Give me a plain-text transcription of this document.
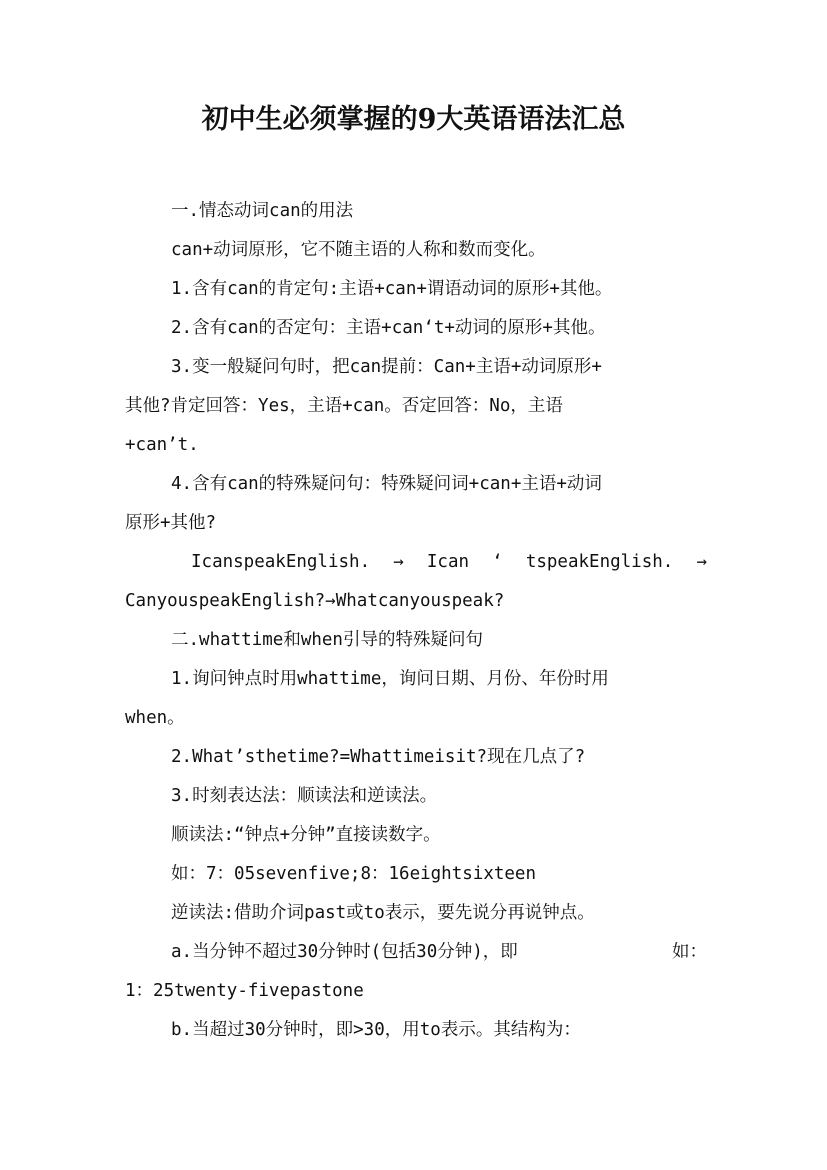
初中生必须掌握的9大英语语法汇总
一.情态动词can的用法
can+动词原形，它不随主语的人称和数而变化。
1.含有can的肯定句:主语+can+谓语动词的原形+其他。
2.含有can的否定句：主语+can‘t+动词的原形+其他。
3.变一般疑问句时，把can提前：Can+主语+动词原形+
其他?肯定回答：Yes，主语+can。否定回答：No，主语
+can’t.
4.含有can的特殊疑问句：特殊疑问词+can+主语+动词
原形+其他?
IcanspeakEnglish. → Ican ‘ tspeakEnglish. →
CanyouspeakEnglish?→Whatcanyouspeak?
二.whattime和when引导的特殊疑问句
1.询问钟点时用whattime，询问日期、月份、年份时用
when。
2.What’sthetime?=Whattimeisit?现在几点了?
3.时刻表达法：顺读法和逆读法。
顺读法:“钟点+分钟”直接读数字。
如：7：05sevenfive;8：16eightsixteen
逆读法:借助介词past或to表示，要先说分再说钟点。
a.当分钟不超过30分钟时(包括30分钟)，即	如：
1：25twenty-fivepastone
b.当超过30分钟时，即>30，用to表示。其结构为：
